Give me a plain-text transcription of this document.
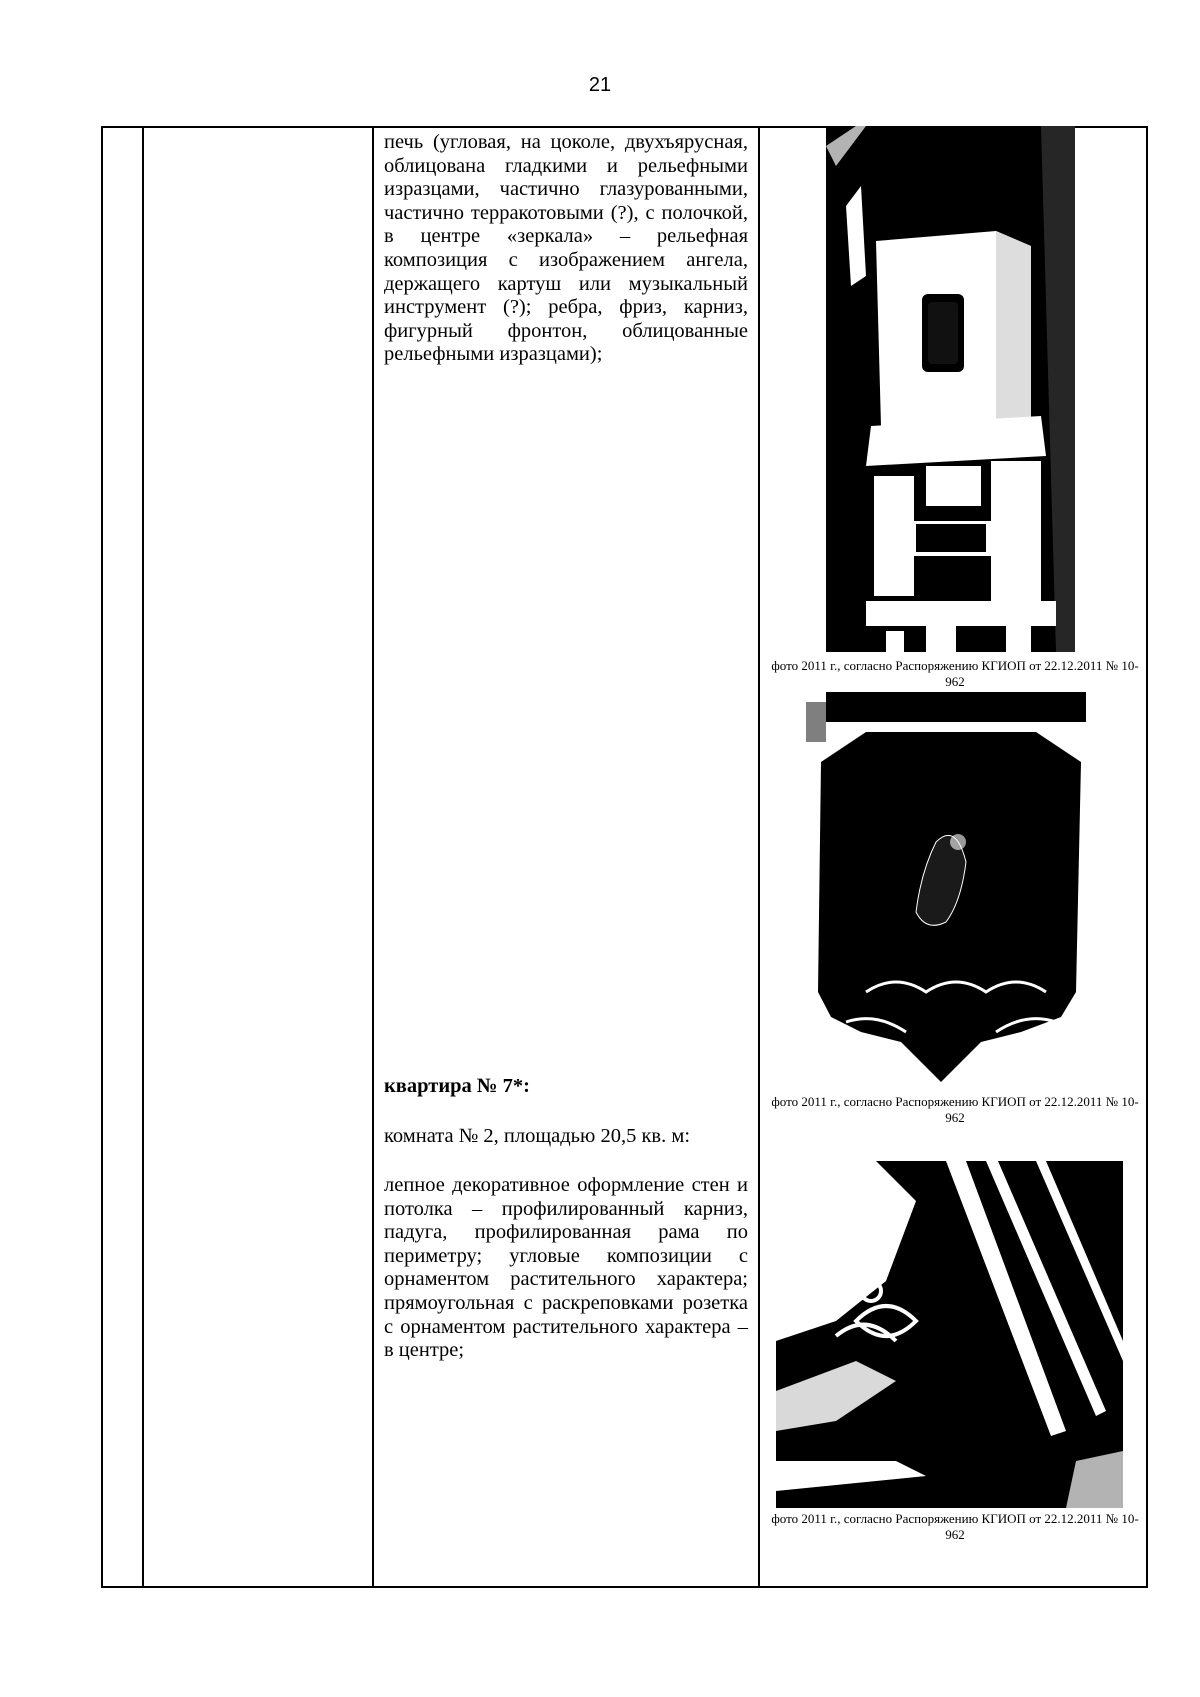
21
печь (угловая, на цоколе, двухъярусная, облицована гладкими и рельефными изразцами, частично глазурованными, частично терракотовыми (?), с полочкой, в центре «зеркала» – рельефная композиция с изображением ангела, держащего картуш или музыкальный инструмент (?); ребра, фриз, карниз, фигурный фронтон, облицованные рельефными изразцами);
квартира № 7*:
комната № 2, площадью 20,5 кв. м:
лепное декоративное оформление стен и потолка – профилированный карниз, падуга, профилированная рама по периметру; угловые композиции с орнаментом растительного характера; прямоугольная с раскреповками розетка с орнаментом растительного характера – в центре;
фото 2011 г., согласно Распоряжению КГИОП от 22.12.2011 № 10-962
фото 2011 г., согласно Распоряжению КГИОП от 22.12.2011 № 10-962
фото 2011 г., согласно Распоряжению КГИОП от 22.12.2011 № 10-962
